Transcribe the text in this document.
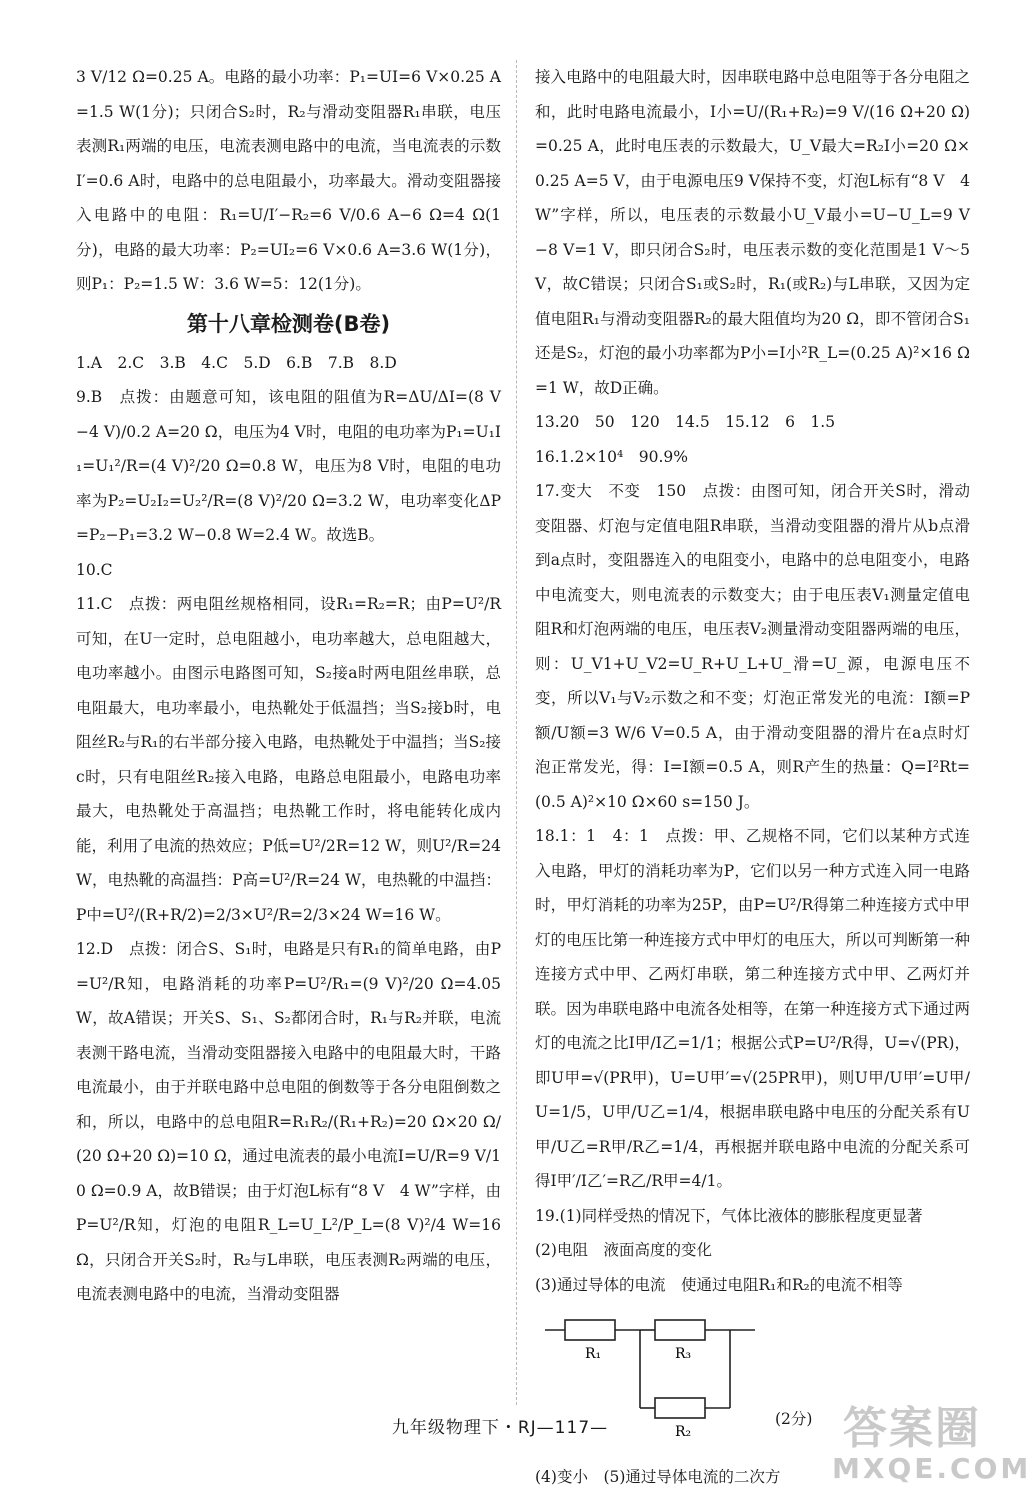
3 V/12 Ω=0.25 A。电路的最小功率：P₁=UI=6 V×0.25 A=1.5 W(1分)；只闭合S₂时，R₂与滑动变阻器R₁串联，电压表测R₁两端的电压，电流表测电路中的电流，当电流表的示数I′=0.6 A时，电路中的总电阻最小，功率最大。滑动变阻器接入电路中的电阻：R₁=U/I′−R₂=6 V/0.6 A−6 Ω=4 Ω(1分)，电路的最大功率：P₂=UI₂=6 V×0.6 A=3.6 W(1分)，则P₁：P₂=1.5 W：3.6 W=5：12(1分)。

第十八章检测卷(B卷)

1.A　2.C　3.B　4.C　5.D　6.B　7.B　8.D

9.B　点拨：由题意可知，该电阻的阻值为R=ΔU/ΔI=(8 V−4 V)/0.2 A=20 Ω，电压为4 V时，电阻的电功率为P₁=U₁I₁=U₁²/R=(4 V)²/20 Ω=0.8 W，电压为8 V时，电阻的电功率为P₂=U₂I₂=U₂²/R=(8 V)²/20 Ω=3.2 W，电功率变化ΔP=P₂−P₁=3.2 W−0.8 W=2.4 W。故选B。

10.C

11.C　点拨：两电阻丝规格相同，设R₁=R₂=R；由P=U²/R可知，在U一定时，总电阻越小，电功率越大，总电阻越大，电功率越小。由图示电路图可知，S₂接a时两电阻丝串联，总电阻最大，电功率最小，电热靴处于低温挡；当S₂接b时，电阻丝R₂与R₁的右半部分接入电路，电热靴处于中温挡；当S₂接c时，只有电阻丝R₂接入电路，电路总电阻最小，电路电功率最大，电热靴处于高温挡；电热靴工作时，将电能转化成内能，利用了电流的热效应；P低=U²/2R=12 W，则U²/R=24 W，电热靴的高温挡：P高=U²/R=24 W，电热靴的中温挡：P中=U²/(R+R/2)=2/3×U²/R=2/3×24 W=16 W。

12.D　点拨：闭合S、S₁时，电路是只有R₁的简单电路，由P=U²/R知，电路消耗的功率P=U²/R₁=(9 V)²/20 Ω=4.05 W，故A错误；开关S、S₁、S₂都闭合时，R₁与R₂并联，电流表测干路电流，当滑动变阻器接入电路中的电阻最大时，干路电流最小，由于并联电路中总电阻的倒数等于各分电阻倒数之和，所以，电路中的总电阻R=R₁R₂/(R₁+R₂)=20 Ω×20 Ω/(20 Ω+20 Ω)=10 Ω，通过电流表的最小电流I=U/R=9 V/10 Ω=0.9 A，故B错误；由于灯泡L标有“8 V　4 W”字样，由P=U²/R知，灯泡的电阻R_L=U_L²/P_L=(8 V)²/4 W=16 Ω，只闭合开关S₂时，R₂与L串联，电压表测R₂两端的电压，电流表测电路中的电流，当滑动变阻器

接入电路中的电阻最大时，因串联电路中总电阻等于各分电阻之和，此时电路电流最小，I小=U/(R₁+R₂)=9 V/(16 Ω+20 Ω)=0.25 A，此时电压表的示数最大，U_V最大=R₂I小=20 Ω×0.25 A=5 V，由于电源电压9 V保持不变，灯泡L标有“8 V　4 W”字样，所以，电压表的示数最小U_V最小=U−U_L=9 V−8 V=1 V，即只闭合S₂时，电压表示数的变化范围是1 V～5 V，故C错误；只闭合S₁或S₂时，R₁(或R₂)与L串联，又因为定值电阻R₁与滑动变阻器R₂的最大阻值均为20 Ω，即不管闭合S₁还是S₂，灯泡的最小功率都为P小=I小²R_L=(0.25 A)²×16 Ω=1 W，故D正确。

13.20　50　120　14.5　15.12　6　1.5

16.1.2×10⁴　90.9%

17.变大　不变　150　点拨：由图可知，闭合开关S时，滑动变阻器、灯泡与定值电阻R串联，当滑动变阻器的滑片从b点滑到a点时，变阻器连入的电阻变小，电路中的总电阻变小，电路中电流变大，则电流表的示数变大；由于电压表V₁测量定值电阻R和灯泡两端的电压，电压表V₂测量滑动变阻器两端的电压，则：U_V1+U_V2=U_R+U_L+U_滑=U_源，电源电压不变，所以V₁与V₂示数之和不变；灯泡正常发光的电流：I额=P额/U额=3 W/6 V=0.5 A，由于滑动变阻器的滑片在a点时灯泡正常发光，得：I=I额=0.5 A，则R产生的热量：Q=I²Rt=(0.5 A)²×10 Ω×60 s=150 J。

18.1：1　4：1　点拨：甲、乙规格不同，它们以某种方式连入电路，甲灯的消耗功率为P，它们以另一种方式连入同一电路时，甲灯消耗的功率为25P，由P=U²/R得第二种连接方式中甲灯的电压比第一种连接方式中甲灯的电压大，所以可判断第一种连接方式中甲、乙两灯串联，第二种连接方式中甲、乙两灯并联。因为串联电路中电流各处相等，在第一种连接方式下通过两灯的电流之比I甲/I乙=1/1；根据公式P=U²/R得，U=√(PR)，即U甲=√(PR甲)，U=U甲′=√(25PR甲)，则U甲/U甲′=U甲/U=1/5，U甲/U乙=1/4，根据串联电路中电压的分配关系有U甲/U乙=R甲/R乙=1/4，再根据并联电路中电流的分配关系可得I甲′/I乙′=R乙/R甲=4/1。

19.(1)同样受热的情况下，气体比液体的膨胀程度更显著

(2)电阻　液面高度的变化

(3)通过导体的电流　使通过电阻R₁和R₂的电流不相等

R₁	R₃
R₂
(2分)

(4)变小　(5)通过导体电流的二次方

九年级物理下・RJ—117—	答案圈
MXQE.COM
